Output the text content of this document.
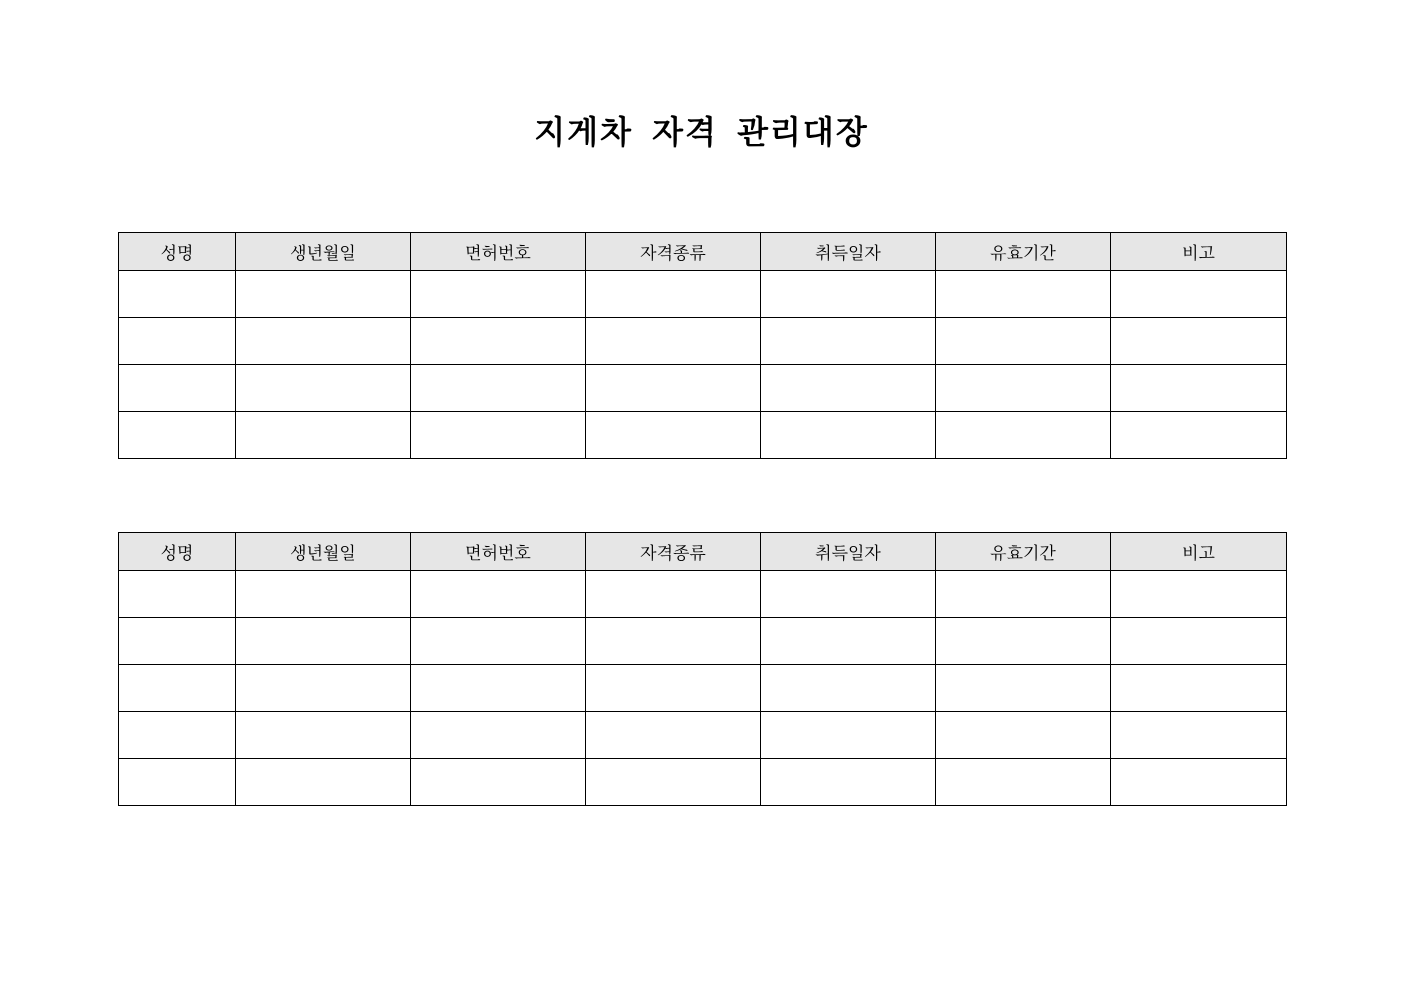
지게차 자격 관리대장
성명	생년월일	면허번호	자격종류	취득일자	유효기간	비고

성명	생년월일	면허번호	자격종류	취득일자	유효기간	비고
